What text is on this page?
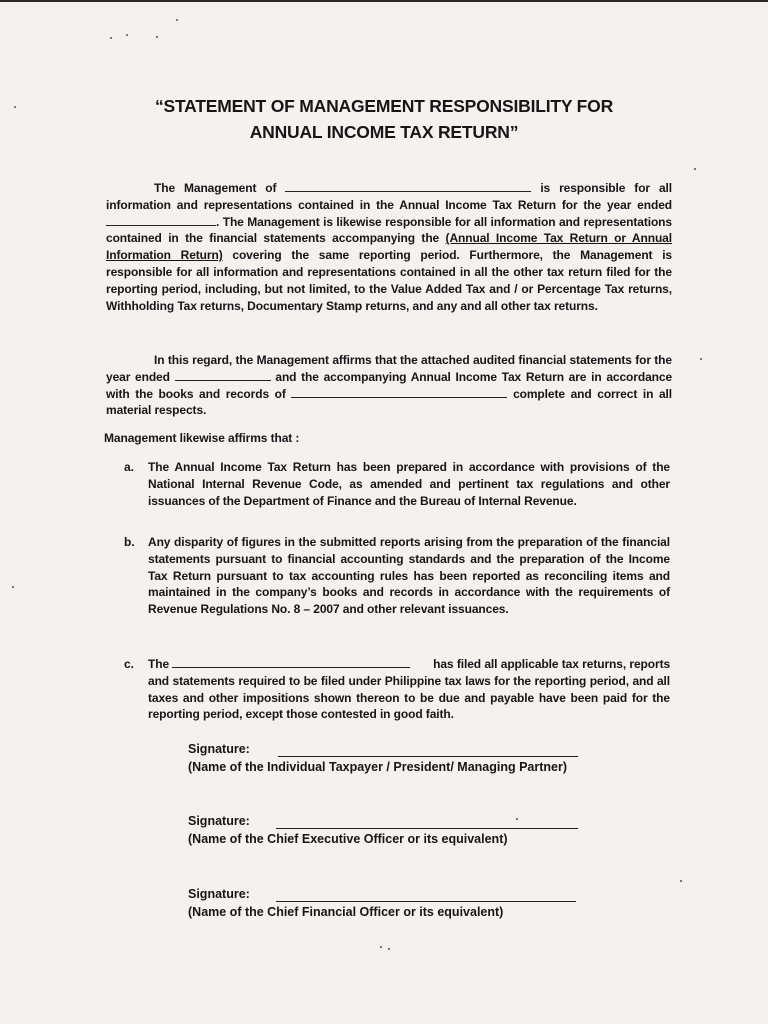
“STATEMENT OF MANAGEMENT RESPONSIBILITY FOR
ANNUAL INCOME TAX RETURN”
The Management of	is responsible for all information and representations contained in the Annual Income Tax Return for the year ended . The Management is likewise responsible for all information and representations contained in the financial statements accompanying the (Annual Income Tax Return or Annual Information Return) covering the same reporting period. Furthermore, the Management is responsible for all information and representations contained in all the other tax return filed for the reporting period, including, but not limited, to the Value Added Tax and / or Percentage Tax returns, Withholding Tax returns, Documentary Stamp returns, and any and all other tax returns.
In this regard, the Management affirms that the attached audited financial statements for the year ended	and the accompanying Annual Income Tax Return are in accordance with the books and records of	complete and correct in all material respects.
Management likewise affirms that :
a. The Annual Income Tax Return has been prepared in accordance with provisions of the National Internal Revenue Code, as amended and pertinent tax regulations and other issuances of the Department of Finance and the Bureau of Internal Revenue.
b. Any disparity of figures in the submitted reports arising from the preparation of the financial statements pursuant to financial accounting standards and the preparation of the Income Tax Return pursuant to tax accounting rules has been reported as reconciling items and maintained in the company’s books and records in accordance with the requirements of Revenue Regulations No. 8 – 2007 and other relevant issuances.
c. The	has filed all applicable tax returns, reports and statements required to be filed under Philippine tax laws for the reporting period, and all taxes and other impositions shown thereon to be due and payable have been paid for the reporting period, except those contested in good faith.
Signature:
(Name of the Individual Taxpayer / President/ Managing Partner)
Signature:
(Name of the Chief Executive Officer or its equivalent)
Signature:
(Name of the Chief Financial Officer or its equivalent)
